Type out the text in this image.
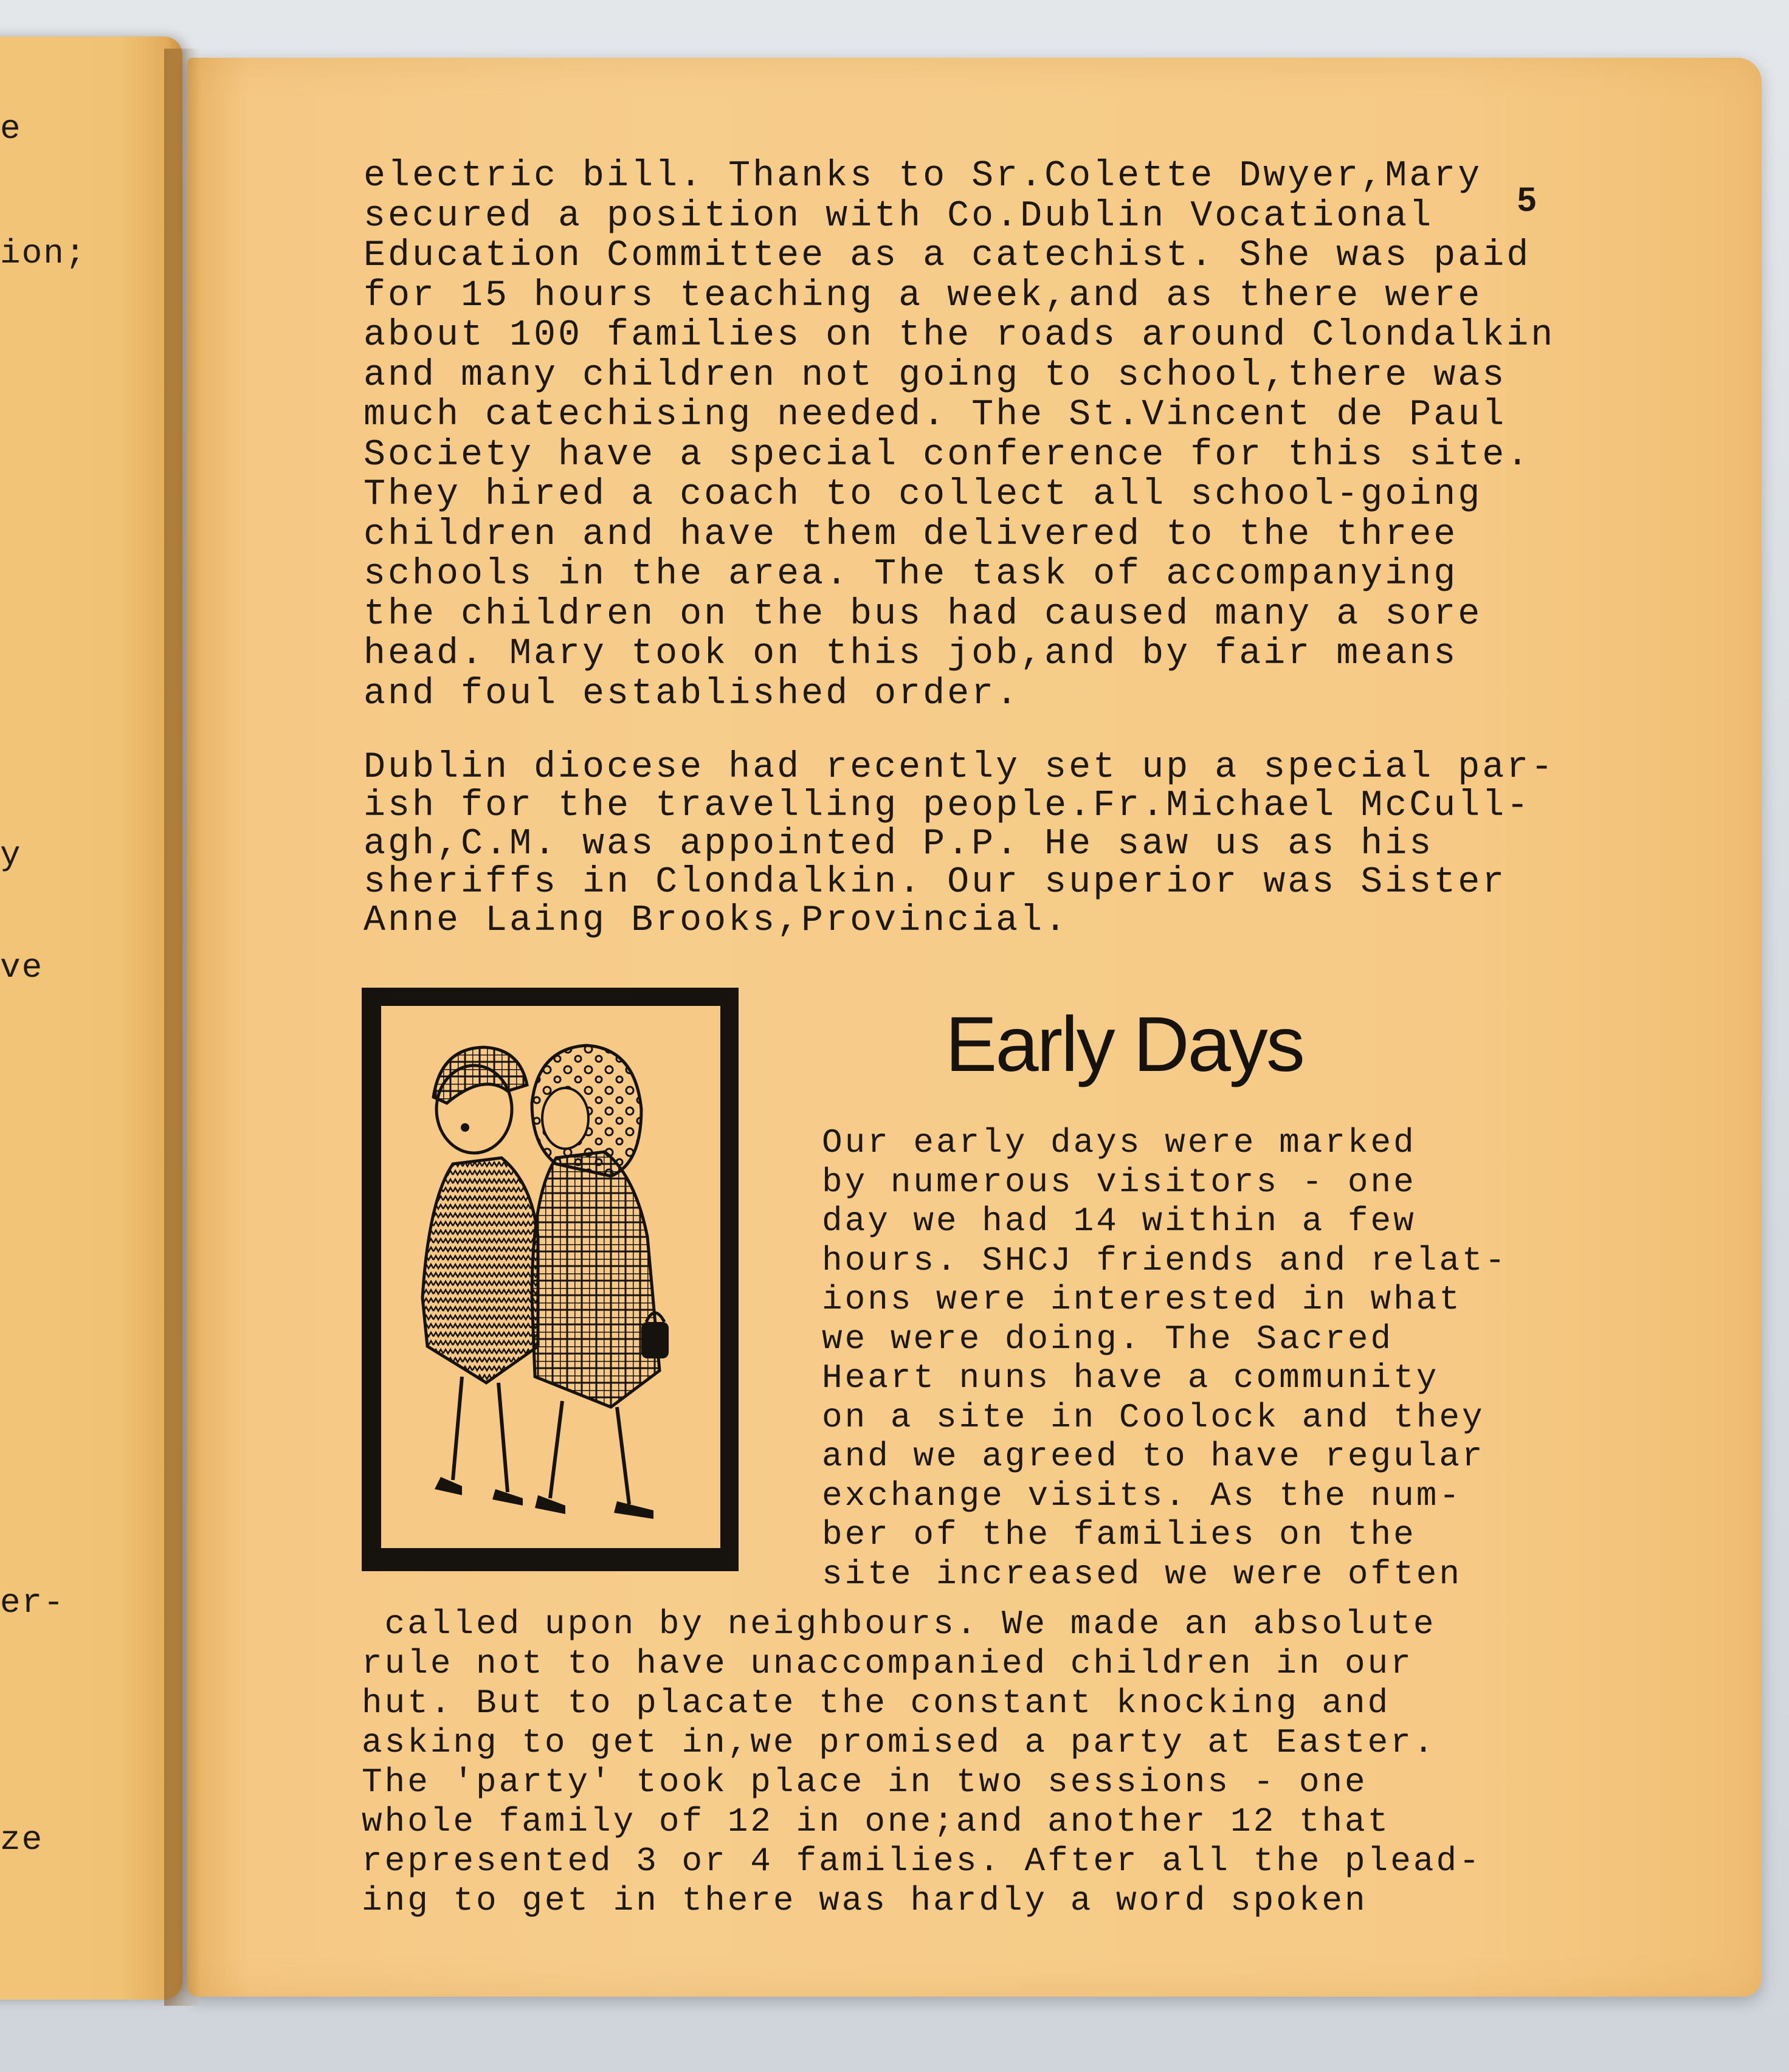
e
ion;
y
ve
er-
ze
5
electric bill. Thanks to Sr.Colette Dwyer,Mary
secured a position with Co.Dublin Vocational
Education Committee as a catechist. She was paid
for 15 hours teaching a week,and as there were
about 100 families on the roads around Clondalkin
and many children not going to school,there was
much catechising needed. The St.Vincent de Paul
Society have a special conference for this site.
They hired a coach to collect all school-going
children and have them delivered to the three
schools in the area. The task of accompanying
the children on the bus had caused many a sore
head. Mary took on this job,and by fair means
and foul established order.
Dublin diocese had recently set up a special par-
ish for the travelling people.Fr.Michael McCull-
agh,C.M. was appointed P.P. He saw us as his
sheriffs in Clondalkin. Our superior was Sister
Anne Laing Brooks,Provincial.
Early Days
Our early days were marked
by numerous visitors - one
day we had 14 within a few
hours. SHCJ friends and relat-
ions were interested in what
we were doing. The Sacred
Heart nuns have a community
on a site in Coolock and they
and we agreed to have regular
exchange visits. As the num-
ber of the families on the
site increased we were often
called upon by neighbours. We made an absolute
rule not to have unaccompanied children in our
hut. But to placate the constant knocking and
asking to get in,we promised a party at Easter.
The 'party' took place in two sessions - one
whole family of 12 in one;and another 12 that
represented 3 or 4 families. After all the plead-
ing to get in there was hardly a word spoken
